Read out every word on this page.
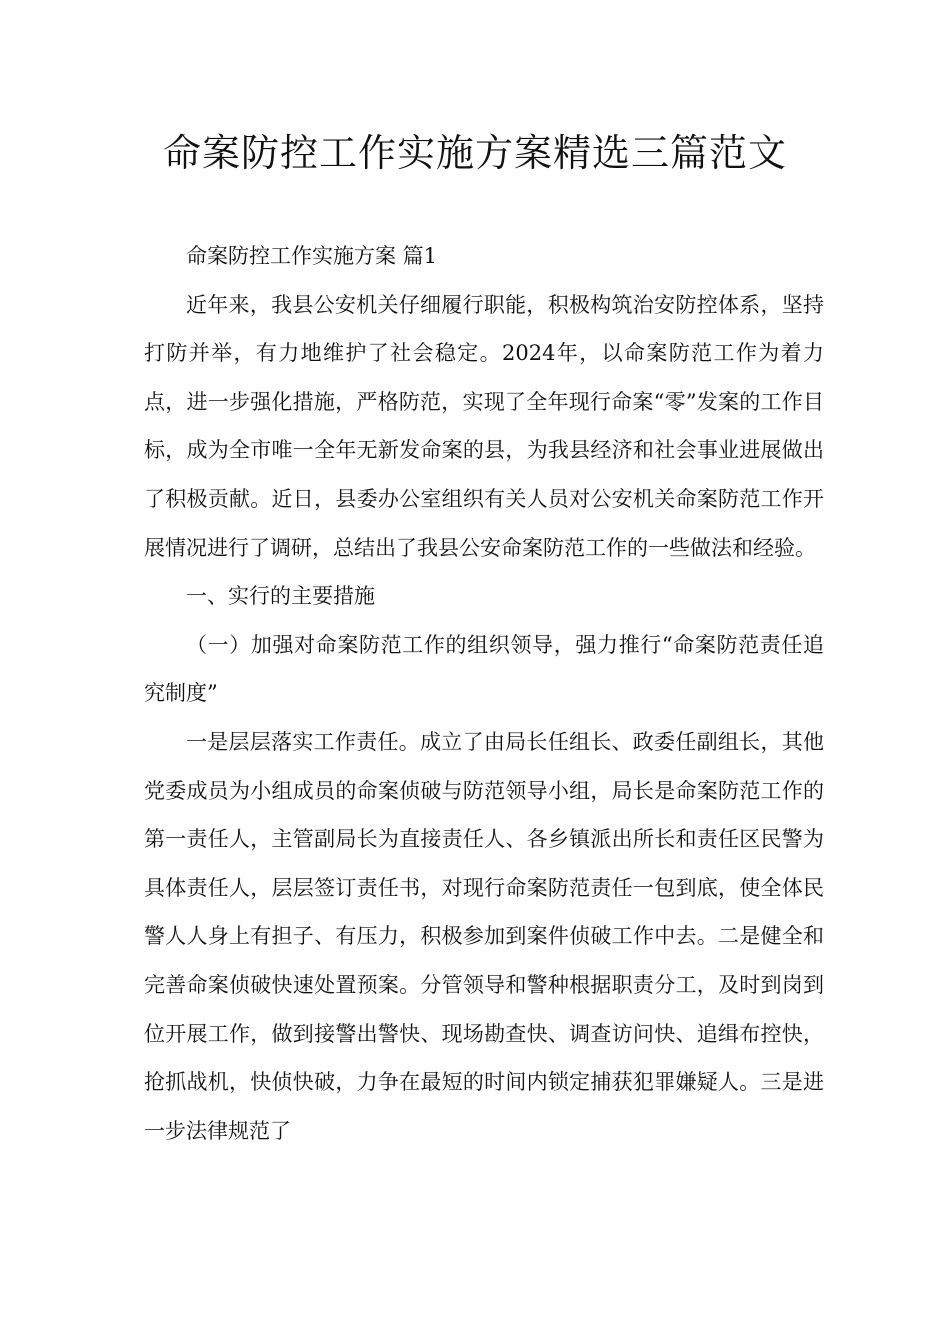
命案防控工作实施方案精选三篇范文

命案防控工作实施方案 篇1

近年来，我县公安机关仔细履行职能，积极构筑治安防控体系，坚持打防并举，有力地维护了社会稳定。2024年，以命案防范工作为着力点，进一步强化措施，严格防范，实现了全年现行命案“零”发案的工作目标，成为全市唯一全年无新发命案的县，为我县经济和社会事业进展做出了积极贡献。近日，县委办公室组织有关人员对公安机关命案防范工作开展情况进行了调研，总结出了我县公安命案防范工作的一些做法和经验。

一、实行的主要措施

（一）加强对命案防范工作的组织领导，强力推行“命案防范责任追究制度”

一是层层落实工作责任。成立了由局长任组长、政委任副组长，其他党委成员为小组成员的命案侦破与防范领导小组，局长是命案防范工作的第一责任人，主管副局长为直接责任人、各乡镇派出所长和责任区民警为具体责任人，层层签订责任书，对现行命案防范责任一包到底，使全体民警人人身上有担子、有压力，积极参加到案件侦破工作中去。二是健全和完善命案侦破快速处置预案。分管领导和警种根据职责分工，及时到岗到位开展工作，做到接警出警快、现场勘查快、调查访问快、追缉布控快，抢抓战机，快侦快破，力争在最短的时间内锁定捕获犯罪嫌疑人。三是进一步法律规范了
